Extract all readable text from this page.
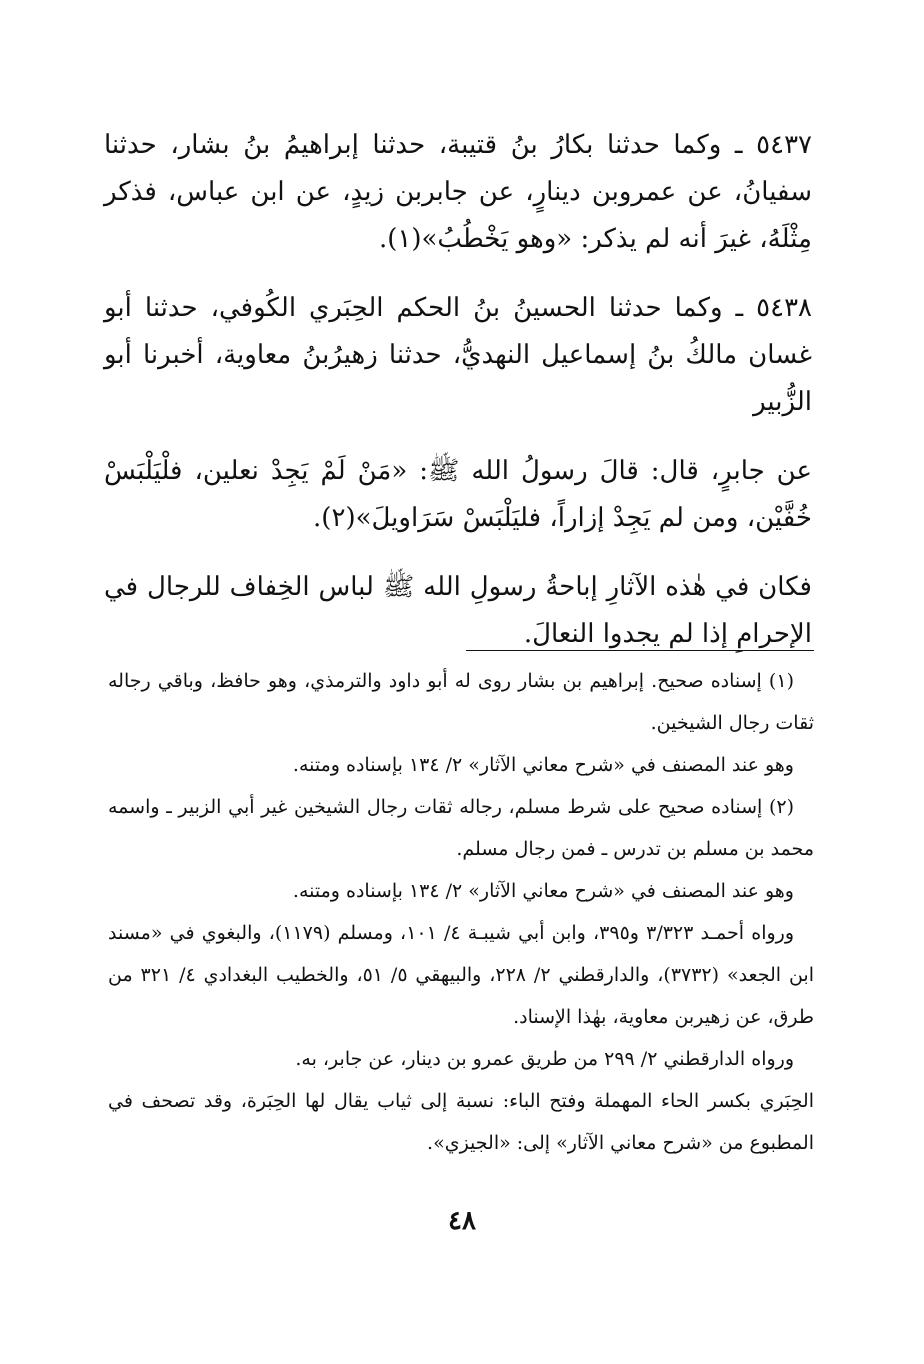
٥٤٣٧ ـ وكما حدثنا بكارُ بنُ قتيبة، حدثنا إبراهيمُ بنُ بشار، حدثنا سفيانُ، عن عمروبن دينارٍ، عن جابربن زيدٍ، عن ابن عباس، فذكر مِثْلَهُ، غيرَ أنه لم يذكر: «وهو يَخْطُبُ»(١).

٥٤٣٨ ـ وكما حدثنا الحسينُ بنُ الحكم الحِبَري الكُوفي، حدثنا أبو غسان مالكُ بنُ إسماعيل النهديُّ، حدثنا زهيرُبنُ معاوية، أخبرنا أبو الزُّبير

عن جابرٍ، قال: قالَ رسولُ الله ﷺ: «مَنْ لَمْ يَجِدْ نعلين، فلْيَلْبَسْ خُفَّيْن، ومن لم يَجِدْ إزاراً، فليَلْبَسْ سَرَاويلَ»(٢).

فكان في هٰذه الآثارِ إباحةُ رسولِ الله ﷺ لباس الخِفاف للرجال في الإحرامِ إذا لم يجدوا النعالَ.

(١) إسناده صحيح. إبراهيم بن بشار روى له أبو داود والترمذي، وهو حافظ، وباقي رجاله ثقات رجال الشيخين.

وهو عند المصنف في «شرح معاني الآثار» ٢/ ١٣٤ بإسناده ومتنه.

(٢) إسناده صحيح على شرط مسلم، رجاله ثقات رجال الشيخين غير أبي الزبير ـ واسمه محمد بن مسلم بن تدرس ـ فمن رجال مسلم.

وهو عند المصنف في «شرح معاني الآثار» ٢/ ١٣٤ بإسناده ومتنه.

ورواه أحمـد ٣/٣٢٣ و٣٩٥، وابن أبي شيبـة ٤/ ١٠١، ومسلم (١١٧٩)، والبغوي في «مسند ابن الجعد» (٣٧٣٢)، والدارقطني ٢/ ٢٢٨، والبيهقي ٥/ ٥١، والخطيب البغدادي ٤/ ٣٢١ من طرق، عن زهيربن معاوية، بهٰذا الإسناد.

ورواه الدارقطني ٢/ ٢٩٩ من طريق عمرو بن دينار، عن جابر، به.

الحِبَري بكسر الحاء المهملة وفتح الباء: نسبة إلى ثياب يقال لها الحِبَرة، وقد تصحف في المطبوع من «شرح معاني الآثار» إلى: «الجيزي».

٤٨
